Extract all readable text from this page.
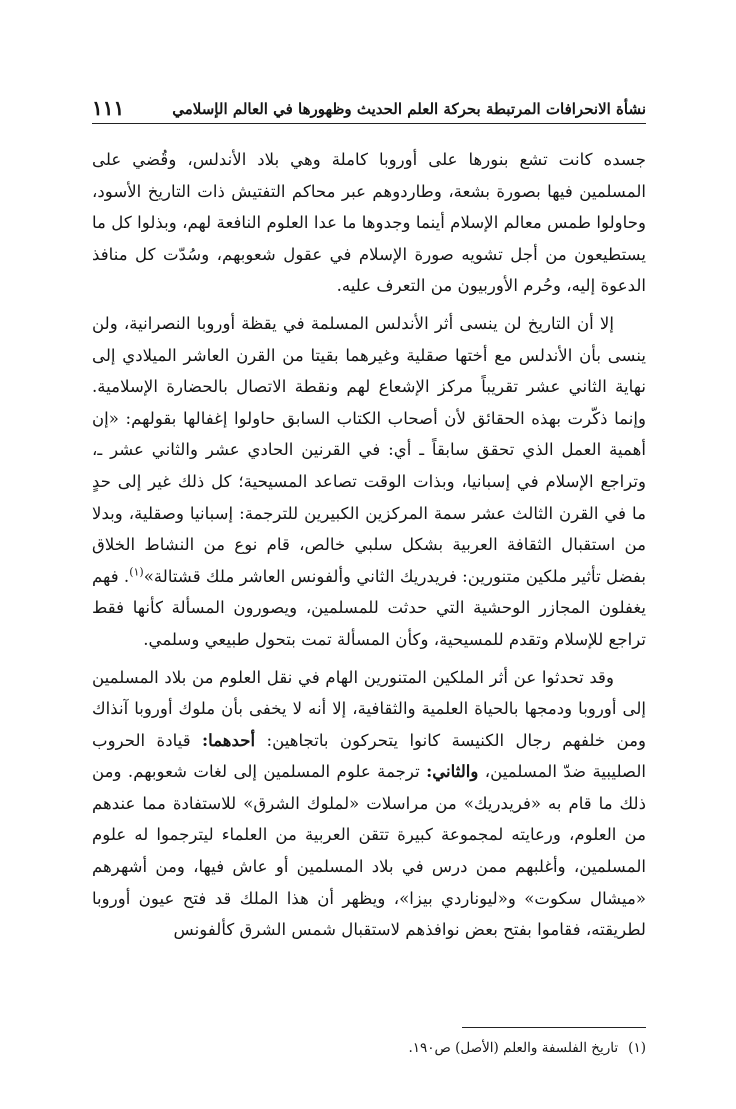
نشأة الانحرافات المرتبطة بحركة العلم الحديث وظهورها في العالم الإسلامي
١١١

جسده كانت تشع بنورها على أوروبا كاملة وهي بلاد الأندلس، وقُضي على المسلمين فيها بصورة بشعة، وطاردوهم عبر محاكم التفتيش ذات التاريخ الأسود، وحاولوا طمس معالم الإسلام أينما وجدوها ما عدا العلوم النافعة لهم، وبذلوا كل ما يستطيعون من أجل تشويه صورة الإسلام في عقول شعوبهم، وسُدّت كل منافذ الدعوة إليه، وحُرم الأوربيون من التعرف عليه.

إلا أن التاريخ لن ينسى أثر الأندلس المسلمة في يقظة أوروبا النصرانية، ولن ينسى بأن الأندلس مع أختها صقلية وغيرهما بقيتا من القرن العاشر الميلادي إلى نهاية الثاني عشر تقريباً مركز الإشعاع لهم ونقطة الاتصال بالحضارة الإسلامية. وإنما ذكّرت بهذه الحقائق لأن أصحاب الكتاب السابق حاولوا إغفالها بقولهم: «إن أهمية العمل الذي تحقق سابقاً ـ أي: في القرنين الحادي عشر والثاني عشر ـ، وتراجع الإسلام في إسبانيا، وبذات الوقت تصاعد المسيحية؛ كل ذلك غير إلى حدٍ ما في القرن الثالث عشر سمة المركزين الكبيرين للترجمة: إسبانيا وصقلية، وبدلا من استقبال الثقافة العربية بشكل سلبي خالص، قام نوع من النشاط الخلاق بفضل تأثير ملكين متنورين: فريدريك الثاني وألفونس العاشر ملك قشتالة»$^{(١)}$. فهم يغفلون المجازر الوحشية التي حدثت للمسلمين، ويصورون المسألة كأنها فقط تراجع للإسلام وتقدم للمسيحية، وكأن المسألة تمت بتحول طبيعي وسلمي.

وقد تحدثوا عن أثر الملكين المتنورين الهام في نقل العلوم من بلاد المسلمين إلى أوروبا ودمجها بالحياة العلمية والثقافية، إلا أنه لا يخفى بأن ملوك أوروبا آنذاك ومن خلفهم رجال الكنيسة كانوا يتحركون باتجاهين: أحدهما: قيادة الحروب الصليبية ضدّ المسلمين، والثاني: ترجمة علوم المسلمين إلى لغات شعوبهم. ومن ذلك ما قام به «فريدريك» من مراسلات «لملوك الشرق» للاستفادة مما عندهم من العلوم، ورعايته لمجموعة كبيرة تتقن العربية من العلماء ليترجموا له علوم المسلمين، وأغلبهم ممن درس في بلاد المسلمين أو عاش فيها، ومن أشهرهم «ميشال سكوت» و«ليوناردي بيزا»، ويظهر أن هذا الملك قد فتح عيون أوروبا لطريقته، فقاموا بفتح بعض نوافذهم لاستقبال شمس الشرق كألفونس

(١)تاريخ الفلسفة والعلم (الأصل) ص١٩٠.
